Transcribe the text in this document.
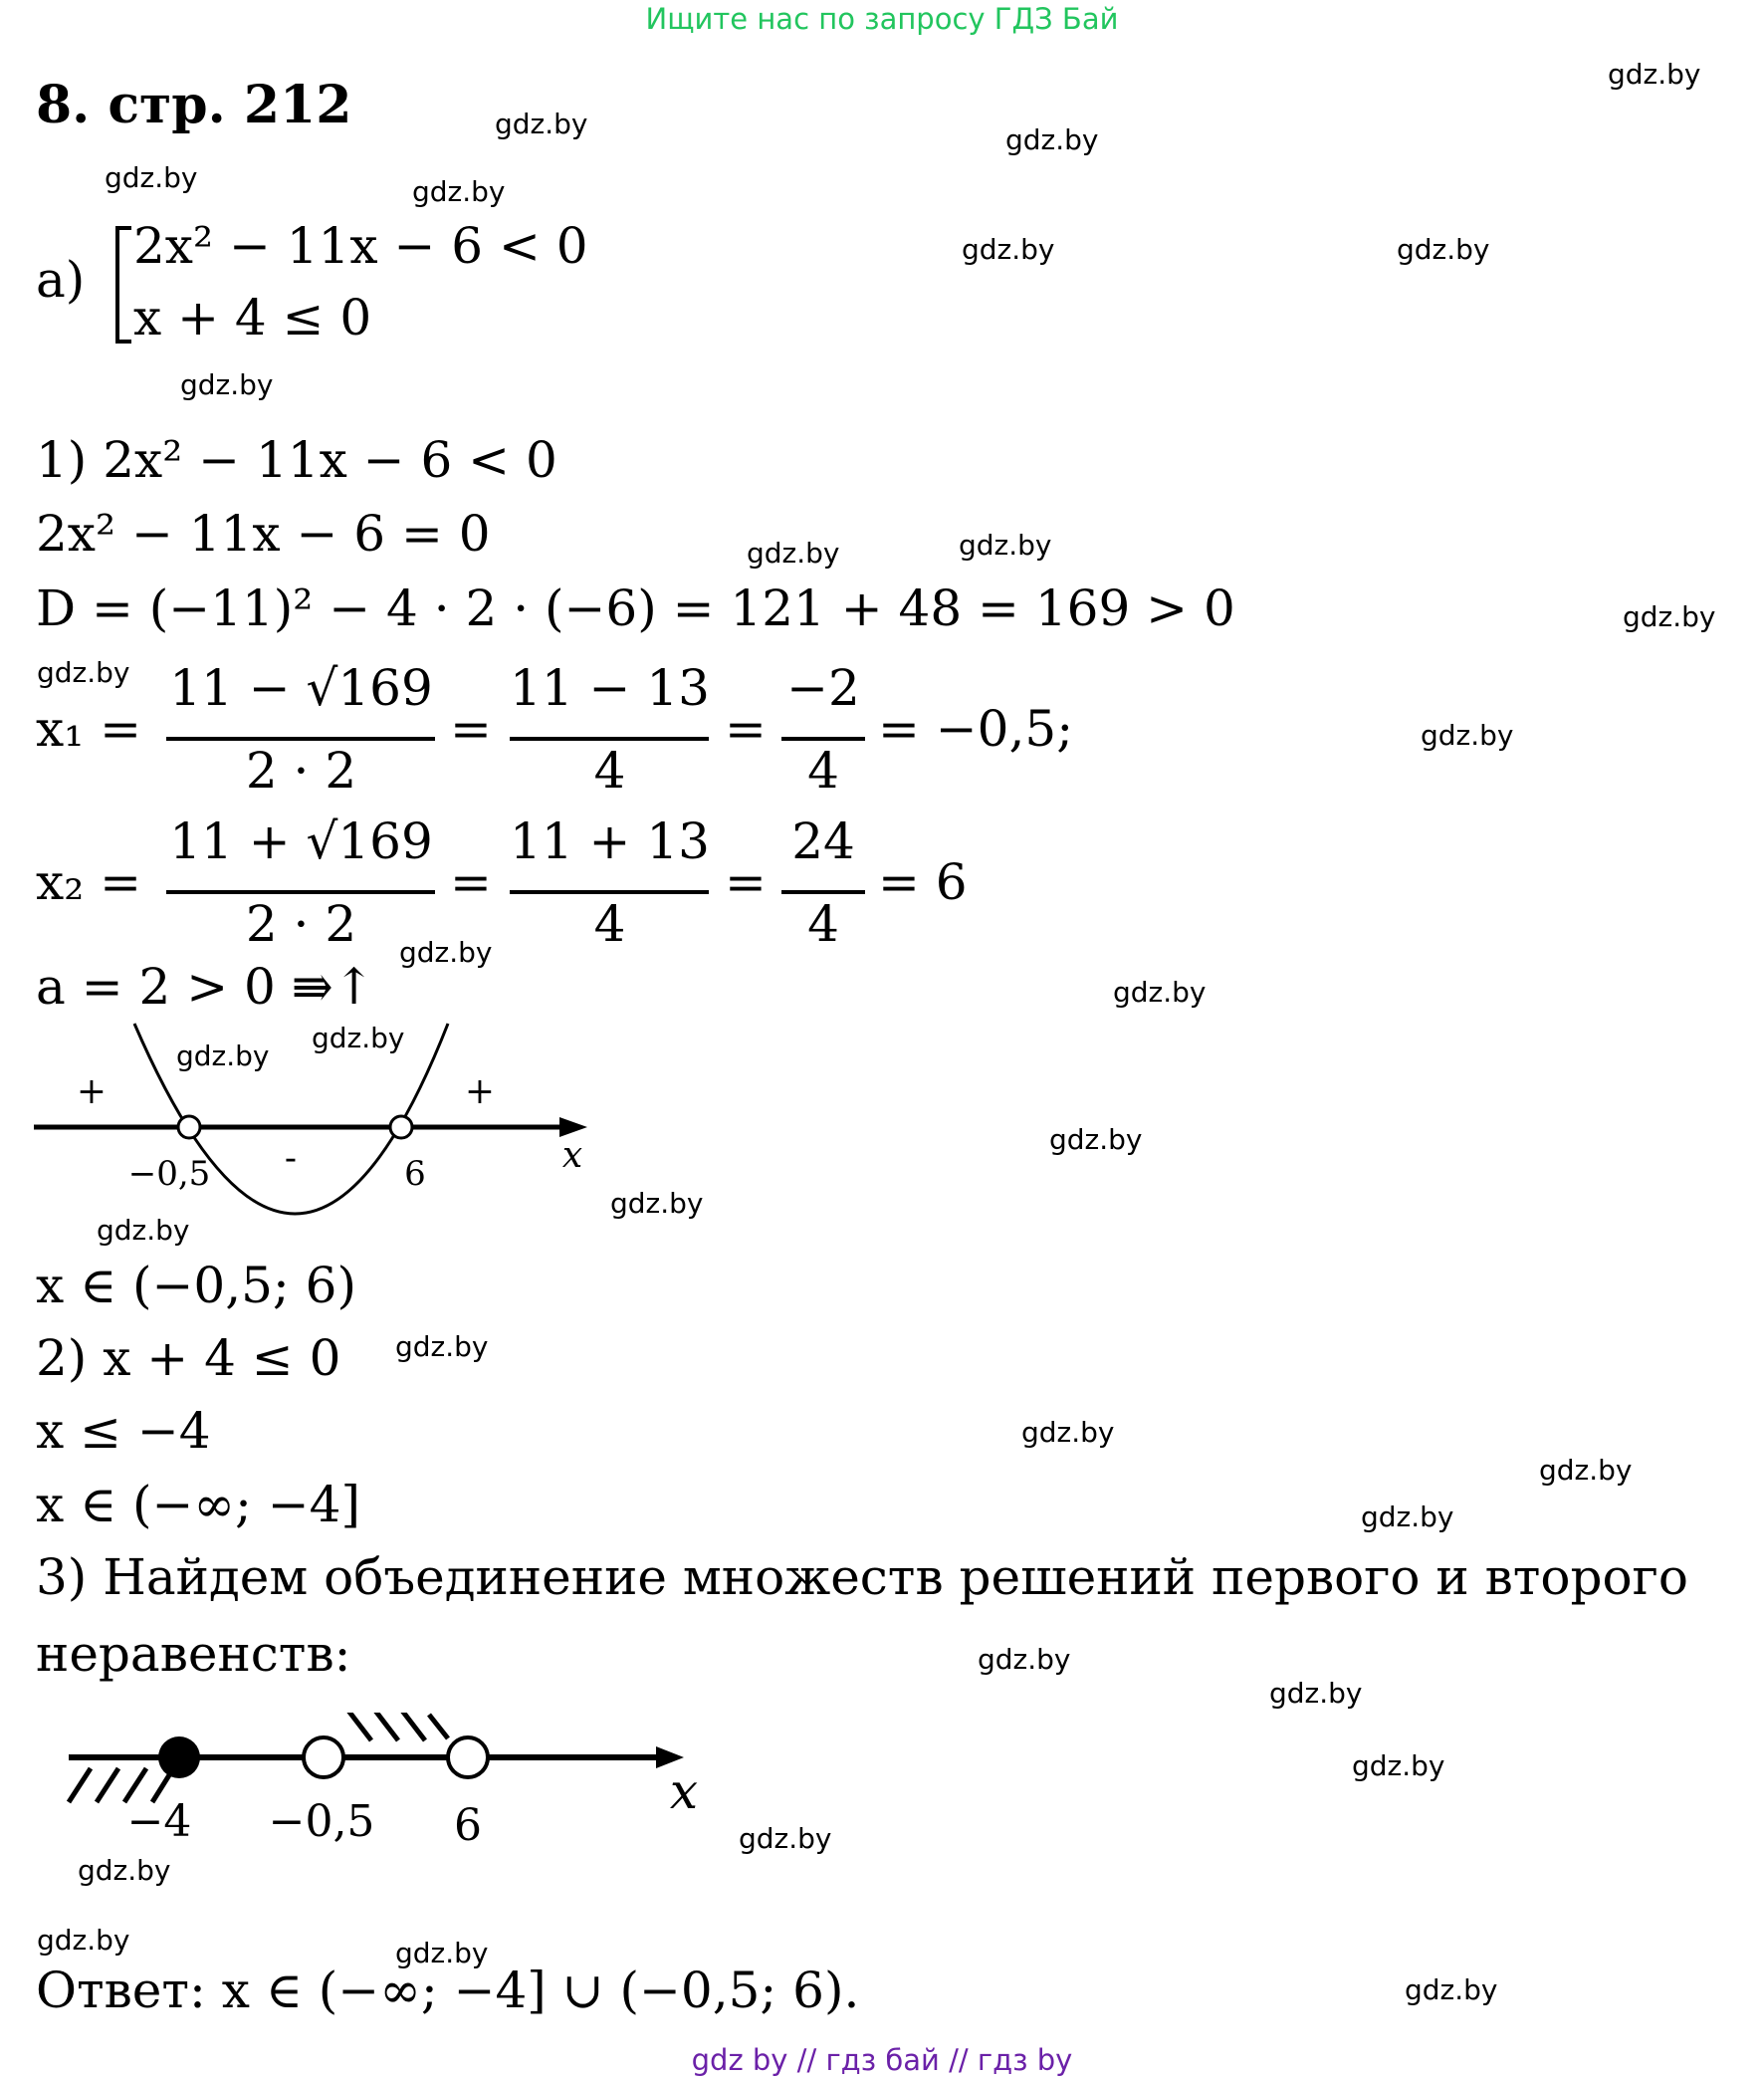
Ищите нас по запросу ГДЗ Бай
8. стр. 212
gdz.by
gdz.by	gdz.by
gdz.by	gdz.by
gdz.by	gdz.by
gdz.by
gdz.by	gdz.by
gdz.by
gdz.by
gdz.by
gdz.by
gdz.by
gdz.by
gdz.by
gdz.by
gdz.by
gdz.by
gdz.by
gdz.by
gdz.by
gdz.by
gdz.by
gdz.by
gdz.by
gdz.by
gdz.by
gdz.by	gdz.by
gdz.by
а)
2x² − 11x − 6 < 0
x + 4 ≤ 0
1) 2x² − 11x − 6 < 0
2x² − 11x − 6 = 0
D = (−11)² − 4 · 2 · (−6) = 121 + 48 = 169 > 0
x₁ =
11 − √169
2 · 2
=
11 − 13
4
=
−2
4
= −0,5;
x₂ =
11 + √169
2 · 2
=
11 + 13
4
=
24
4
= 6
a = 2 > 0 ⇛↑
+	+
-
−0,5	6	x
x ∈ (−0,5; 6)
2) x + 4 ≤ 0
x ≤ −4
x ∈ (−∞; −4]
3) Найдем объединение множеств решений первого и второго
неравенств:
−4 −0,5 6
x
Ответ: x ∈ (−∞; −4] ∪ (−0,5; 6).
gdz by // гдз бай // гдз by
